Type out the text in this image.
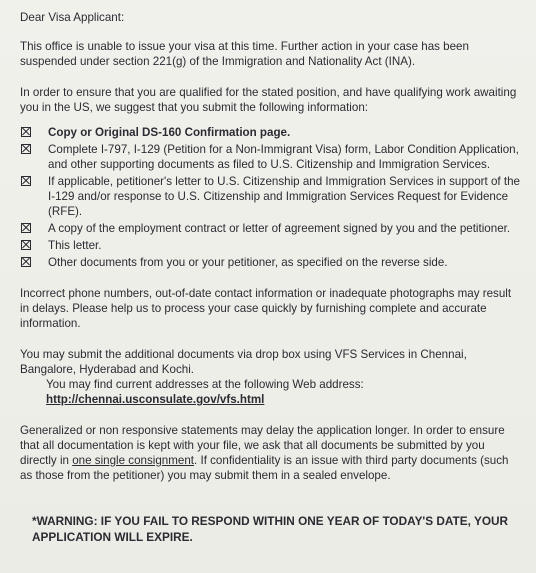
Dear Visa Applicant:

This office is unable to issue your visa at this time. Further action in your case has been suspended under section 221(g) of the Immigration and Nationality Act (INA).

In order to ensure that you are qualified for the stated position, and have qualifying work awaiting you in the US, we suggest that you submit the following information:

Copy or Original DS-160 Confirmation page.
Complete I-797, I-129 (Petition for a Non-Immigrant Visa) form, Labor Condition Application, and other supporting documents as filed to U.S. Citizenship and Immigration Services.
If applicable, petitioner's letter to U.S. Citizenship and Immigration Services in support of the I-129 and/or response to U.S. Citizenship and Immigration Services Request for Evidence (RFE).
A copy of the employment contract or letter of agreement signed by you and the petitioner.
This letter.
Other documents from you or your petitioner, as specified on the reverse side.

Incorrect phone numbers, out-of-date contact information or inadequate photographs may result in delays. Please help us to process your case quickly by furnishing complete and accurate information.

You may submit the additional documents via drop box using VFS Services in Chennai, Bangalore, Hyderabad and Kochi.

You may find current addresses at the following Web address:

http://chennai.usconsulate.gov/vfs.html

Generalized or non responsive statements may delay the application longer. In order to ensure that all documentation is kept with your file, we ask that all documents be submitted by you directly in one single consignment. If confidentiality is an issue with third party documents (such as those from the petitioner) you may submit them in a sealed envelope.

*WARNING: IF YOU FAIL TO RESPOND WITHIN ONE YEAR OF TODAY'S DATE, YOUR APPLICATION WILL EXPIRE.
